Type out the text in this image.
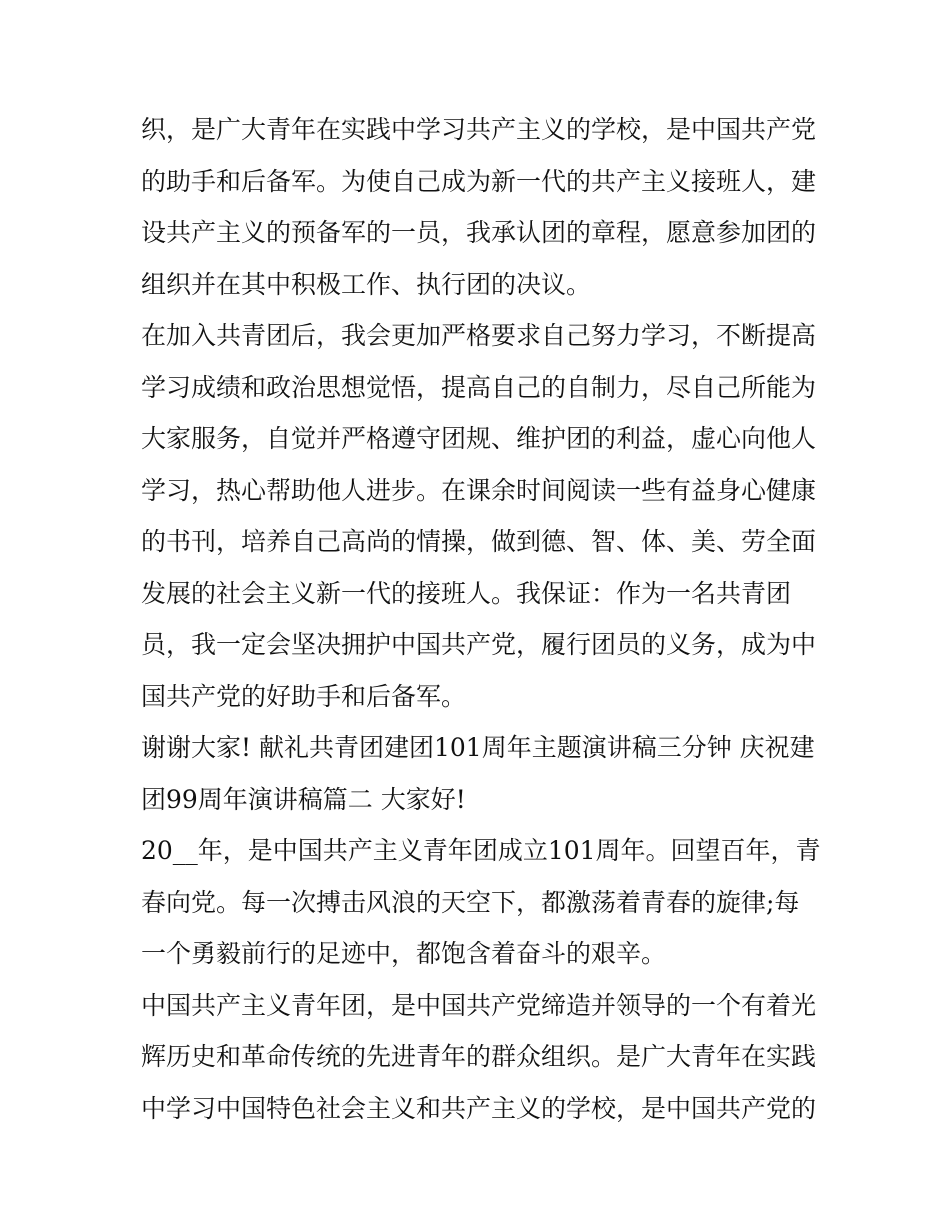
织，是广大青年在实践中学习共产主义的学校，是中国共产党
的助手和后备军。为使自己成为新一代的共产主义接班人，建
设共产主义的预备军的一员，我承认团的章程，愿意参加团的
组织并在其中积极工作、执行团的决议。
在加入共青团后，我会更加严格要求自己努力学习，不断提高
学习成绩和政治思想觉悟，提高自己的自制力，尽自己所能为
大家服务，自觉并严格遵守团规、维护团的利益，虚心向他人
学习，热心帮助他人进步。在课余时间阅读一些有益身心健康
的书刊，培养自己高尚的情操，做到德、智、体、美、劳全面
发展的社会主义新一代的接班人。我保证：作为一名共青团
员，我一定会坚决拥护中国共产党，履行团员的义务，成为中
国共产党的好助手和后备军。
谢谢大家! 献礼共青团建团101周年主题演讲稿三分钟 庆祝建
团99周年演讲稿篇二 大家好!
20__年，是中国共产主义青年团成立101周年。回望百年，青
春向党。每一次搏击风浪的天空下，都激荡着青春的旋律;每
一个勇毅前行的足迹中，都饱含着奋斗的艰辛。
中国共产主义青年团，是中国共产党缔造并领导的一个有着光
辉历史和革命传统的先进青年的群众组织。是广大青年在实践
中学习中国特色社会主义和共产主义的学校，是中国共产党的
